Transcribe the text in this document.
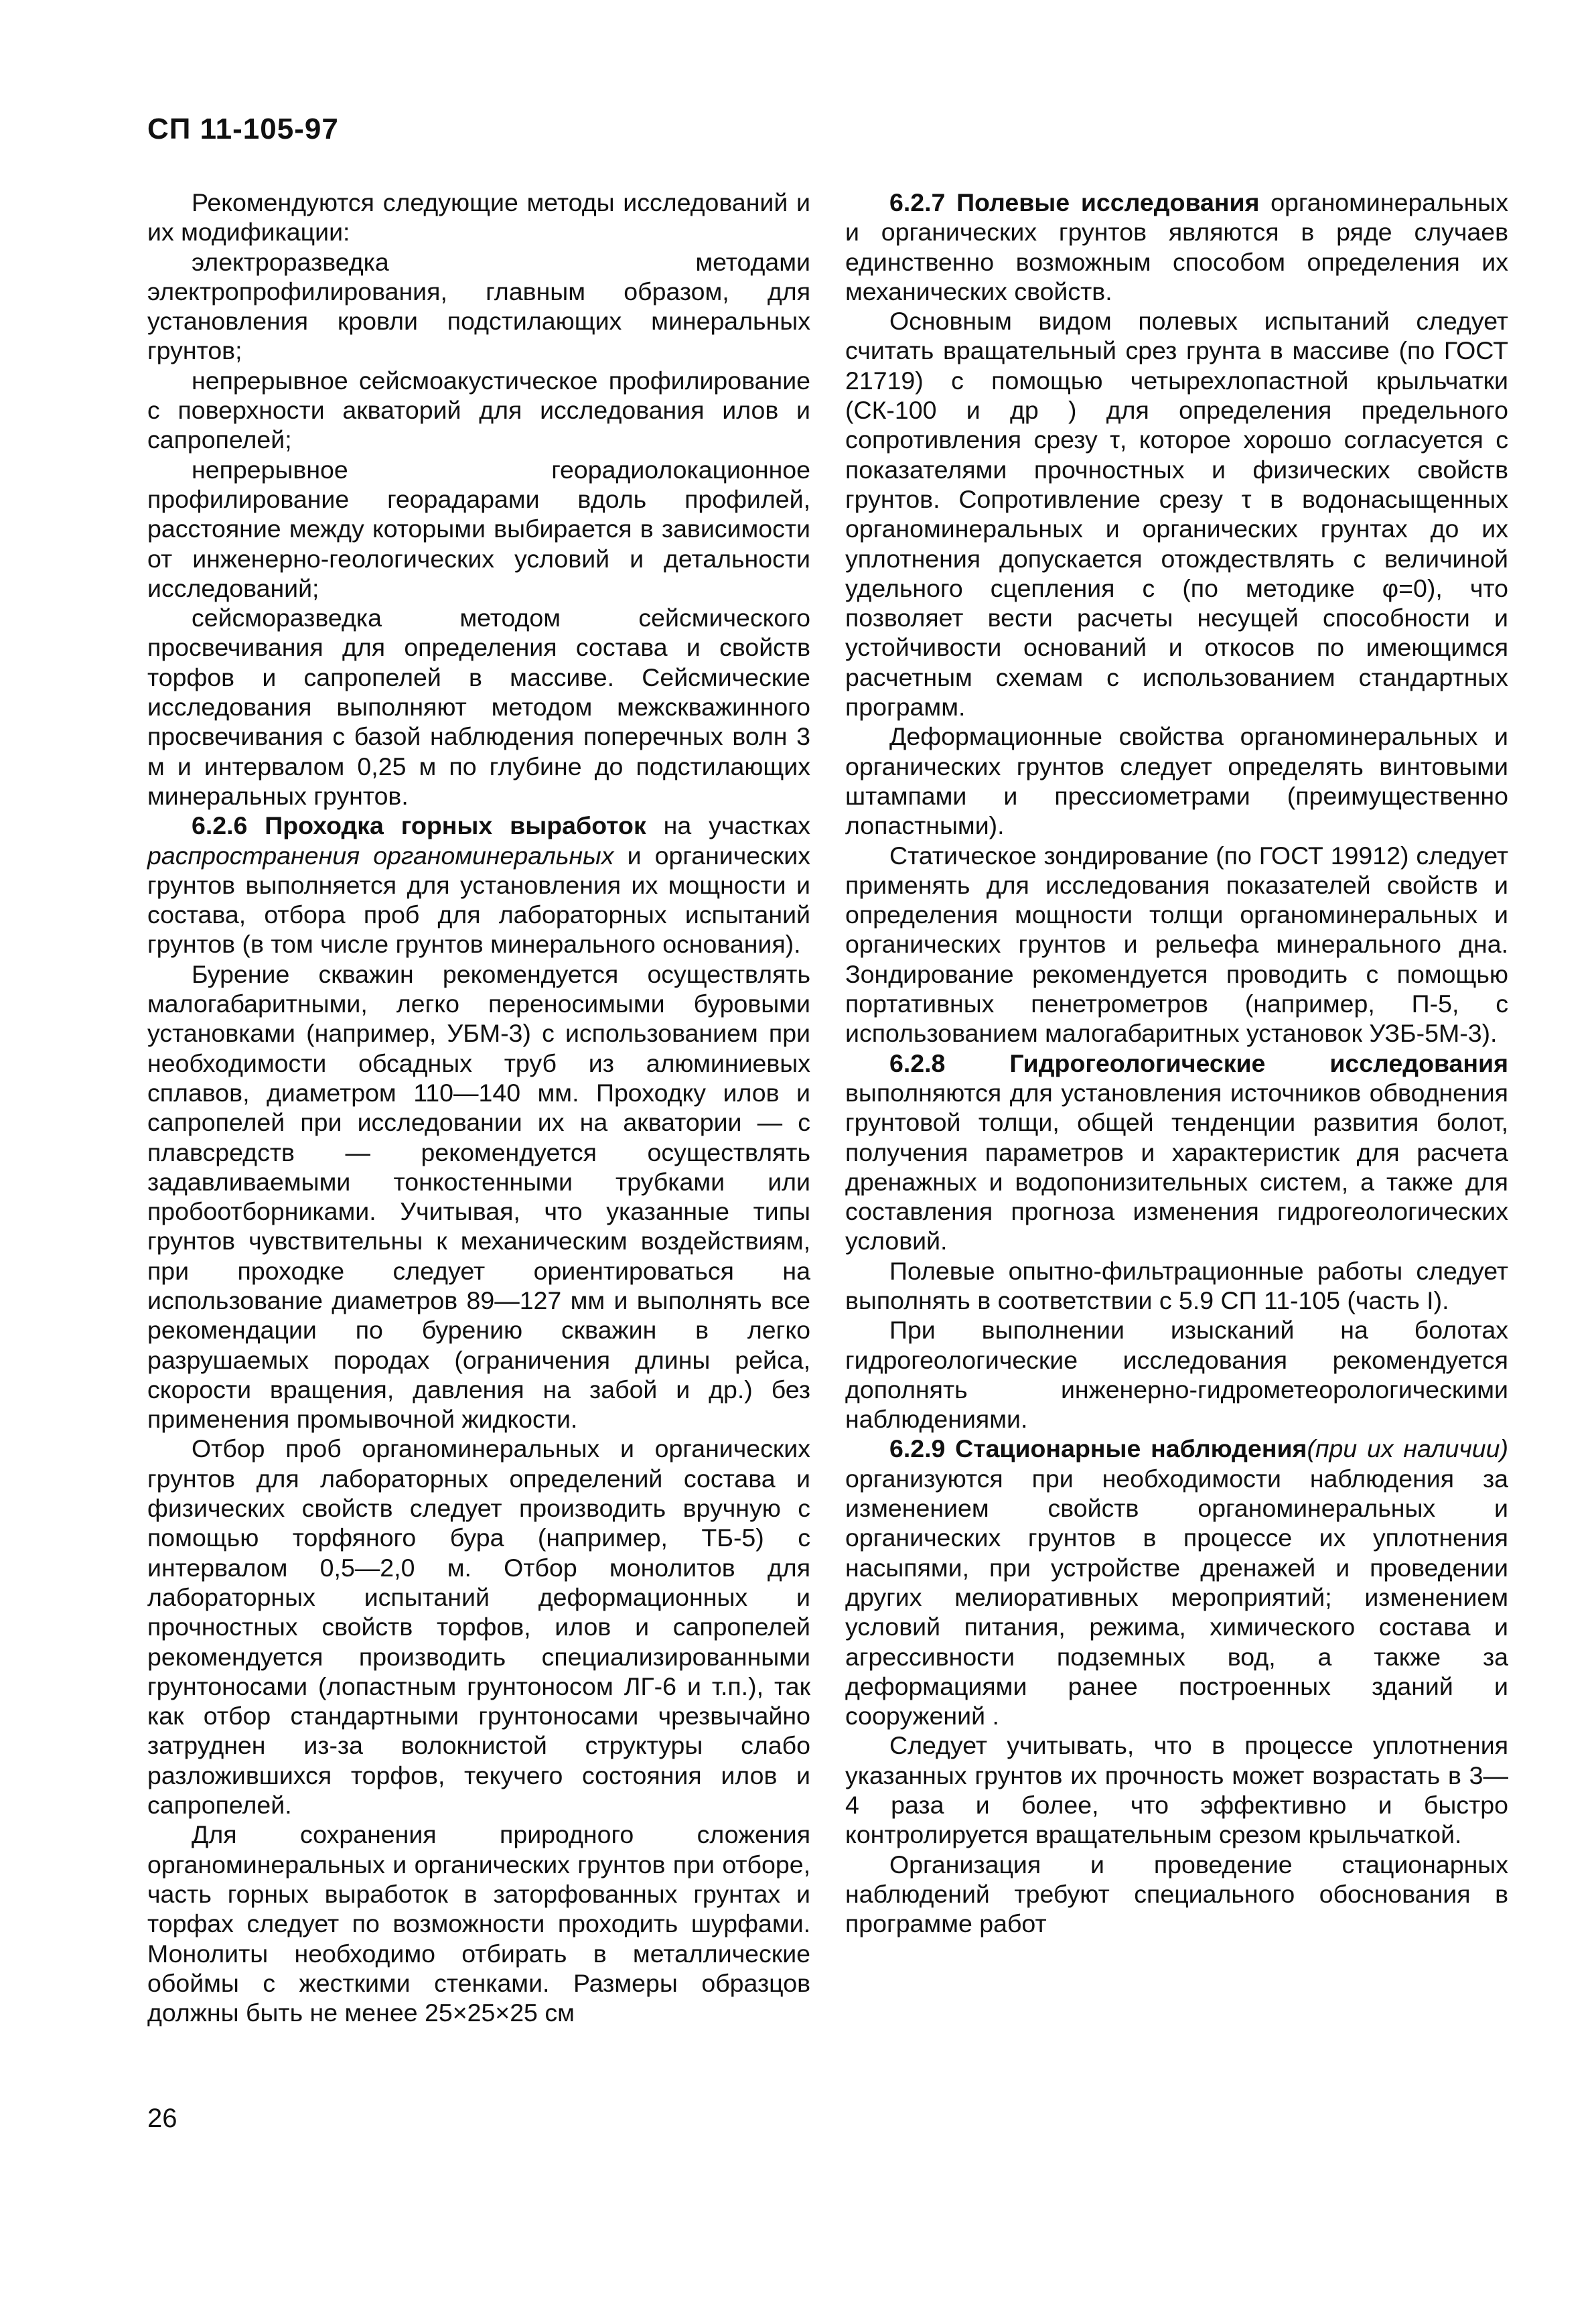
СП 11-105-97

Рекомендуются следующие методы исследований и их модификации:

электроразведка методами электропрофилирования, главным образом, для установления кровли подстилающих минеральных грунтов;

непрерывное сейсмоакустическое профилирование с поверхности акваторий для исследования илов и сапропелей;

непрерывное георадиолокационное профилирование георадарами вдоль профилей, расстояние между которыми выбирается в зависимости от инженерно-геологических условий и детальности исследований;

сейсморазведка методом сейсмического просвечивания для определения состава и свойств торфов и сапропелей в массиве. Сейсмические исследования выполняют методом межскважинного просвечивания с базой наблюдения поперечных волн 3 м и интервалом 0,25 м по глубине до подстилающих минеральных грунтов.

6.2.6 Проходка горных выработок на участках распространения органоминеральных и органических грунтов выполняется для установления их мощности и состава, отбора проб для лабораторных испытаний грунтов (в том числе грунтов минерального основания).

Бурение скважин рекомендуется осуществлять малогабаритными, легко переносимыми буровыми установками (например, УБМ-3) с использованием при необходимости обсадных труб из алюминиевых сплавов, диаметром 110—140 мм. Проходку илов и сапропелей при исследовании их на акватории — с плавсредств — рекомендуется осуществлять задавливаемыми тонкостенными трубками или пробоотборниками. Учитывая, что указанные типы грунтов чувствительны к механическим воздействиям, при проходке следует ориентироваться на использование диаметров 89—127 мм и выполнять все рекомендации по бурению скважин в легко разрушаемых породах (ограничения длины рейса, скорости вращения, давления на забой и др.) без применения промывочной жидкости.

Отбор проб органоминеральных и органических грунтов для лабораторных определений состава и физических свойств следует производить вручную с помощью торфяного бура (например, ТБ-5) с интервалом 0,5—2,0 м. Отбор монолитов для лабораторных испытаний деформационных и прочностных свойств торфов, илов и сапропелей рекомендуется производить специализированными грунтоносами (лопастным грунтоносом ЛГ-6 и т.п.), так как отбор стандартными грунтоносами чрезвычайно затруднен из-за волокнистой структуры слабо разложившихся торфов, текучего состояния илов и сапропелей.

Для сохранения природного сложения органоминеральных и органических грунтов при отборе, часть горных выработок в заторфованных грунтах и торфах следует по возможности проходить шурфами. Монолиты необходимо отбирать в металлические обоймы с жесткими стенками. Размеры образцов должны быть не менее 25×25×25 см

6.2.7 Полевые исследования органоминеральных и органических грунтов являются в ряде случаев единственно возможным способом определения их механических свойств.

Основным видом полевых испытаний следует считать вращательный срез грунта в массиве (по ГОСТ 21719) с помощью четырехлопастной крыльчатки (СК-100 и др ) для определения предельного сопротивления срезу τ, которое хорошо согласуется с показателями прочностных и физических свойств грунтов. Сопротивление срезу τ в водонасыщенных органоминеральных и органических грунтах до их уплотнения допускается отождествлять с величиной удельного сцепления с (по методике φ=0), что позволяет вести расчеты несущей способности и устойчивости оснований и откосов по имеющимся расчетным схемам с использованием стандартных программ.

Деформационные свойства органоминеральных и органических грунтов следует определять винтовыми штампами и прессиометрами (преимущественно лопастными).

Статическое зондирование (по ГОСТ 19912) следует применять для исследования показателей свойств и определения мощности толщи органоминеральных и органических грунтов и рельефа минерального дна. Зондирование рекомендуется проводить с помощью портативных пенетрометров (например, П-5, с использованием малогабаритных установок УЗБ-5М-3).

6.2.8 Гидрогеологические исследования выполняются для установления источников обводнения грунтовой толщи, общей тенденции развития болот, получения параметров и характеристик для расчета дренажных и водопонизительных систем, а также для составления прогноза изменения гидрогеологических условий.

Полевые опытно-фильтрационные работы следует выполнять в соответствии с 5.9 СП 11-105 (часть I).

При выполнении изысканий на болотах гидрогеологические исследования рекомендуется дополнять инженерно-гидрометеорологическими наблюдениями.

6.2.9 Стационарные наблюдения(при их наличии) организуются при необходимости наблюдения за изменением свойств органоминеральных и органических грунтов в процессе их уплотнения насыпями, при устройстве дренажей и проведении других мелиоративных мероприятий; изменением условий питания, режима, химического состава и агрессивности подземных вод, а также за деформациями ранее построенных зданий и сооружений .

Следует учитывать, что в процессе уплотнения указанных грунтов их прочность может возрастать в 3—4 раза и более, что эффективно и быстро контролируется вращательным срезом крыльчаткой.

Организация и проведение стационарных наблюдений требуют специального обоснования в программе работ

26
